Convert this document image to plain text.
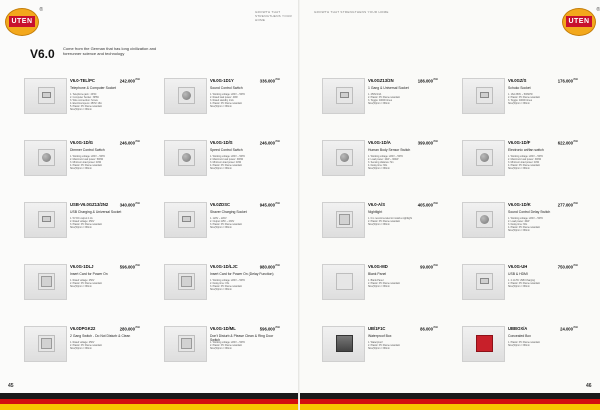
UTEN
®	GROWTH THAT STRENGTHENS YOUR HOME
V6.0 Come from the German that has long civilization and forerunner science and technology
V6.0-TEL/PC	$242.000^{VNĐ}$
Telephone & Computer Socket
1. Telephone jack : 4P4C
2. Computer Socket : 8P8C
3. Wire connection: Screw
4. Electrical specs: 250V/ 16A
5. Plastic: PC Flame retardant
Size(W)mm = 86mm
V6.0G-1D1Y	$336.000^{VNĐ}$
Sound Control Switch
1. Working voltage: 220V ~ 50Hz
2. Rated load power: 40W
3. Rated standby 1mA
4. Plastic: PC Flame retardant
Size(W)mm = 86mm
V6.0G-1D/G	$246.000^{VNĐ}$
Dimmer Control Switch
1. Working voltage: 220V ~ 50Hz
2. Maximum load power: 500W
3. Minimum load power: 40W
4. Plastic: PC Flame retardant
Size(W)mm = 86mm
V6.0G-1D/S	$246.000^{VNĐ}$
Speed Control Switch
1. Working voltage: 220V ~ 50Hz
2. Maximum load power: 300W
3. Minimum load power: 40W
4. Plastic: PC Flame retardant
Size(W)mm = 86mm
USB-V6.0GZ13/2N2	$340.000^{VNĐ}$
USB Charging & Universal Socket
1. 5V DC output 2.1A
2. Rated voltage: 250V
3. Plastic: PC Flame retardant
Size(W)mm = 86mm
V6.0ZDSC	$945.000^{VNĐ}$
Shaver Charging Socket
1. 120V ~ 220V
2. Output 115V ~ 230V
3. Plastic: PC Flame retardant
Size(W)mm = 86mm
V6.0G-1DLJ	$596.000^{VNĐ}$
Insert Card for Power On
1. Rated voltage: 250V
2. Plastic: PC Flame retardant
Size(W)mm = 86mm
V6.0G-1D/LJC	$980.000^{VNĐ}$
Insert Card for Power On (Delay Function)
1. Working voltage: 220V ~ 50Hz
2. Delay time: 15s
3. Plastic: PC Flame retardant
Size(W)mm = 86mm
V6.0DPGK22	$280.000^{VNĐ}$
2 Gang Switch - Do Not Disturb & Clean
1. Rated voltage: 250V
2. Plastic: PC Flame retardant
Size(W)mm = 86mm
V6.0G-1D/ML	$596.000^{VNĐ}$
Don't Disturb & Please Clean & Ring Door Switch
1. Working voltage: 220V ~ 50Hz
2. Plastic: PC Flame retardant
Size(W)mm = 86mm
45
GROWTH THAT STRENGTHENS YOUR HOME
UTEN
®
V6.0GZ13/2N	$186.000^{VNĐ}$
1 Gang & Universal Socket
1. 250V/13A
2. Plastic: PC Flame retardant
3. Toggle: 40000 times
Size(W)mm = 86mm
V6.0GZ/S	$176.000^{VNĐ}$
Schuko Socket
1. 16A 250V ~ 50/60Hz
2. Plastic: PC Flame retardant
3. Toggle: 40000 times
Size(W)mm = 86mm
V6.0G-1D/A	$399.000^{VNĐ}$
Human Body Sensor Switch
1. Working voltage: 220V ~ 50Hz
2. Load power: 10W ~ 300W
3. Sensing distance: 5m
4. Delay time: 60s
Size(W)mm = 86mm
V6.0G-1D/F	$622.000^{VNĐ}$
Electronic art/fan switch
1. Working voltage: 220V ~ 50Hz
2. Maximum load power: 300W
3. Minimum load power: 40W
4. Plastic: PC Flame retardant
Size(W)mm = 86mm
V6.0-A/S	$405.000^{VNĐ}$
Nightlight
1. It is recommended to install a nightlight
2. Plastic: PC Flame retardant
Size(W)mm = 86mm
V6.0G-1D/K	$277.000^{VNĐ}$
Sound Control Delay Switch
1. Working voltage: 220V ~ 50Hz
2. Load power: 40W
3. Delay time: 60s
4. Plastic: PC Flame retardant
Size(W)mm = 86mm
V6.0G-MD	$99.000^{VNĐ}$
Blank Panel
1. Blank Panel
2. Plastic: PC Flame retardant
Size(W)mm = 86mm
V6.0G-UH	$750.000^{VNĐ}$
USB & HDMI
1. 2.1A 5V USB Charging
2. Plastic: PC Flame retardant
Size(W)mm = 86mm
UB/1F1C	$86.000^{VNĐ}$
Waterproof Box
1. Waterproof
2. Plastic: PC Flame retardant
Size(W)mm = 86mm
UBBOX/A	$24.000^{VNĐ}$
Concealed Box
1. Plastic: PC Flame retardant
Size(W)mm = 86mm
46
